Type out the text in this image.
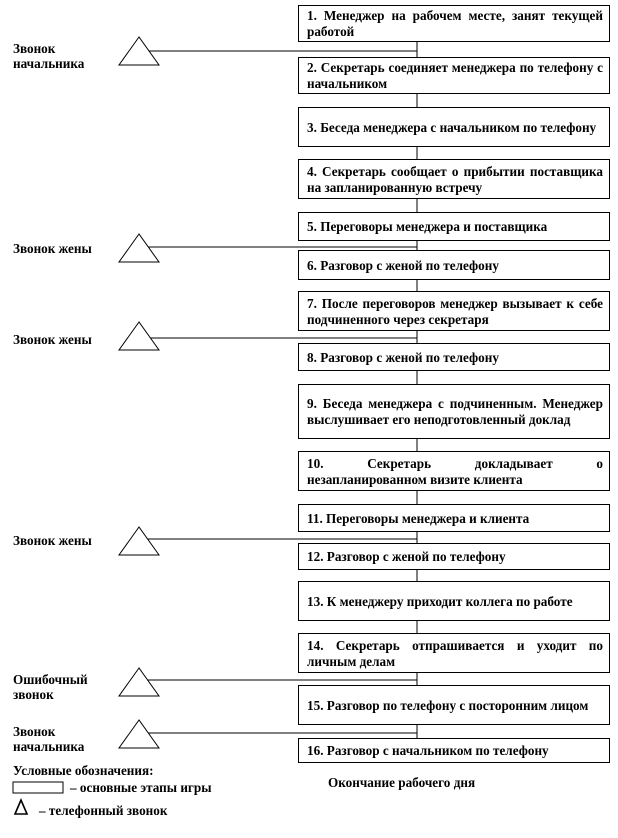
1. Менеджер на рабочем месте, занят текущей работой
2. Секретарь соединяет менеджера по телефону с начальником
3. Беседа менеджера с начальником по телефону
4. Секретарь сообщает о прибытии поставщика на запланированную встречу
5. Переговоры менеджера и поставщика
6. Разговор с женой по телефону
7. После переговоров менеджер вызывает к себе подчиненного через секретаря
8. Разговор с женой по телефону
9. Беседа менеджера с подчиненным. Менеджер выслушивает его неподготовленный доклад
10. Секретарь докладывает о незапланированном визите клиента
11. Переговоры менеджера и клиента
12. Разговор с женой по телефону
13. К менеджеру приходит коллега по работе
14. Секретарь отпрашивается и уходит по личным делам
15. Разговор по телефону с посторонним лицом
16. Разговор с начальником по телефону
Звонок начальника
Звонок жены
Звонок жены
Звонок жены
Ошибочный звонок
Звонок начальника
Условные обозначения:
– основные этапы игры
– телефонный звонок
Окончание рабочего дня
